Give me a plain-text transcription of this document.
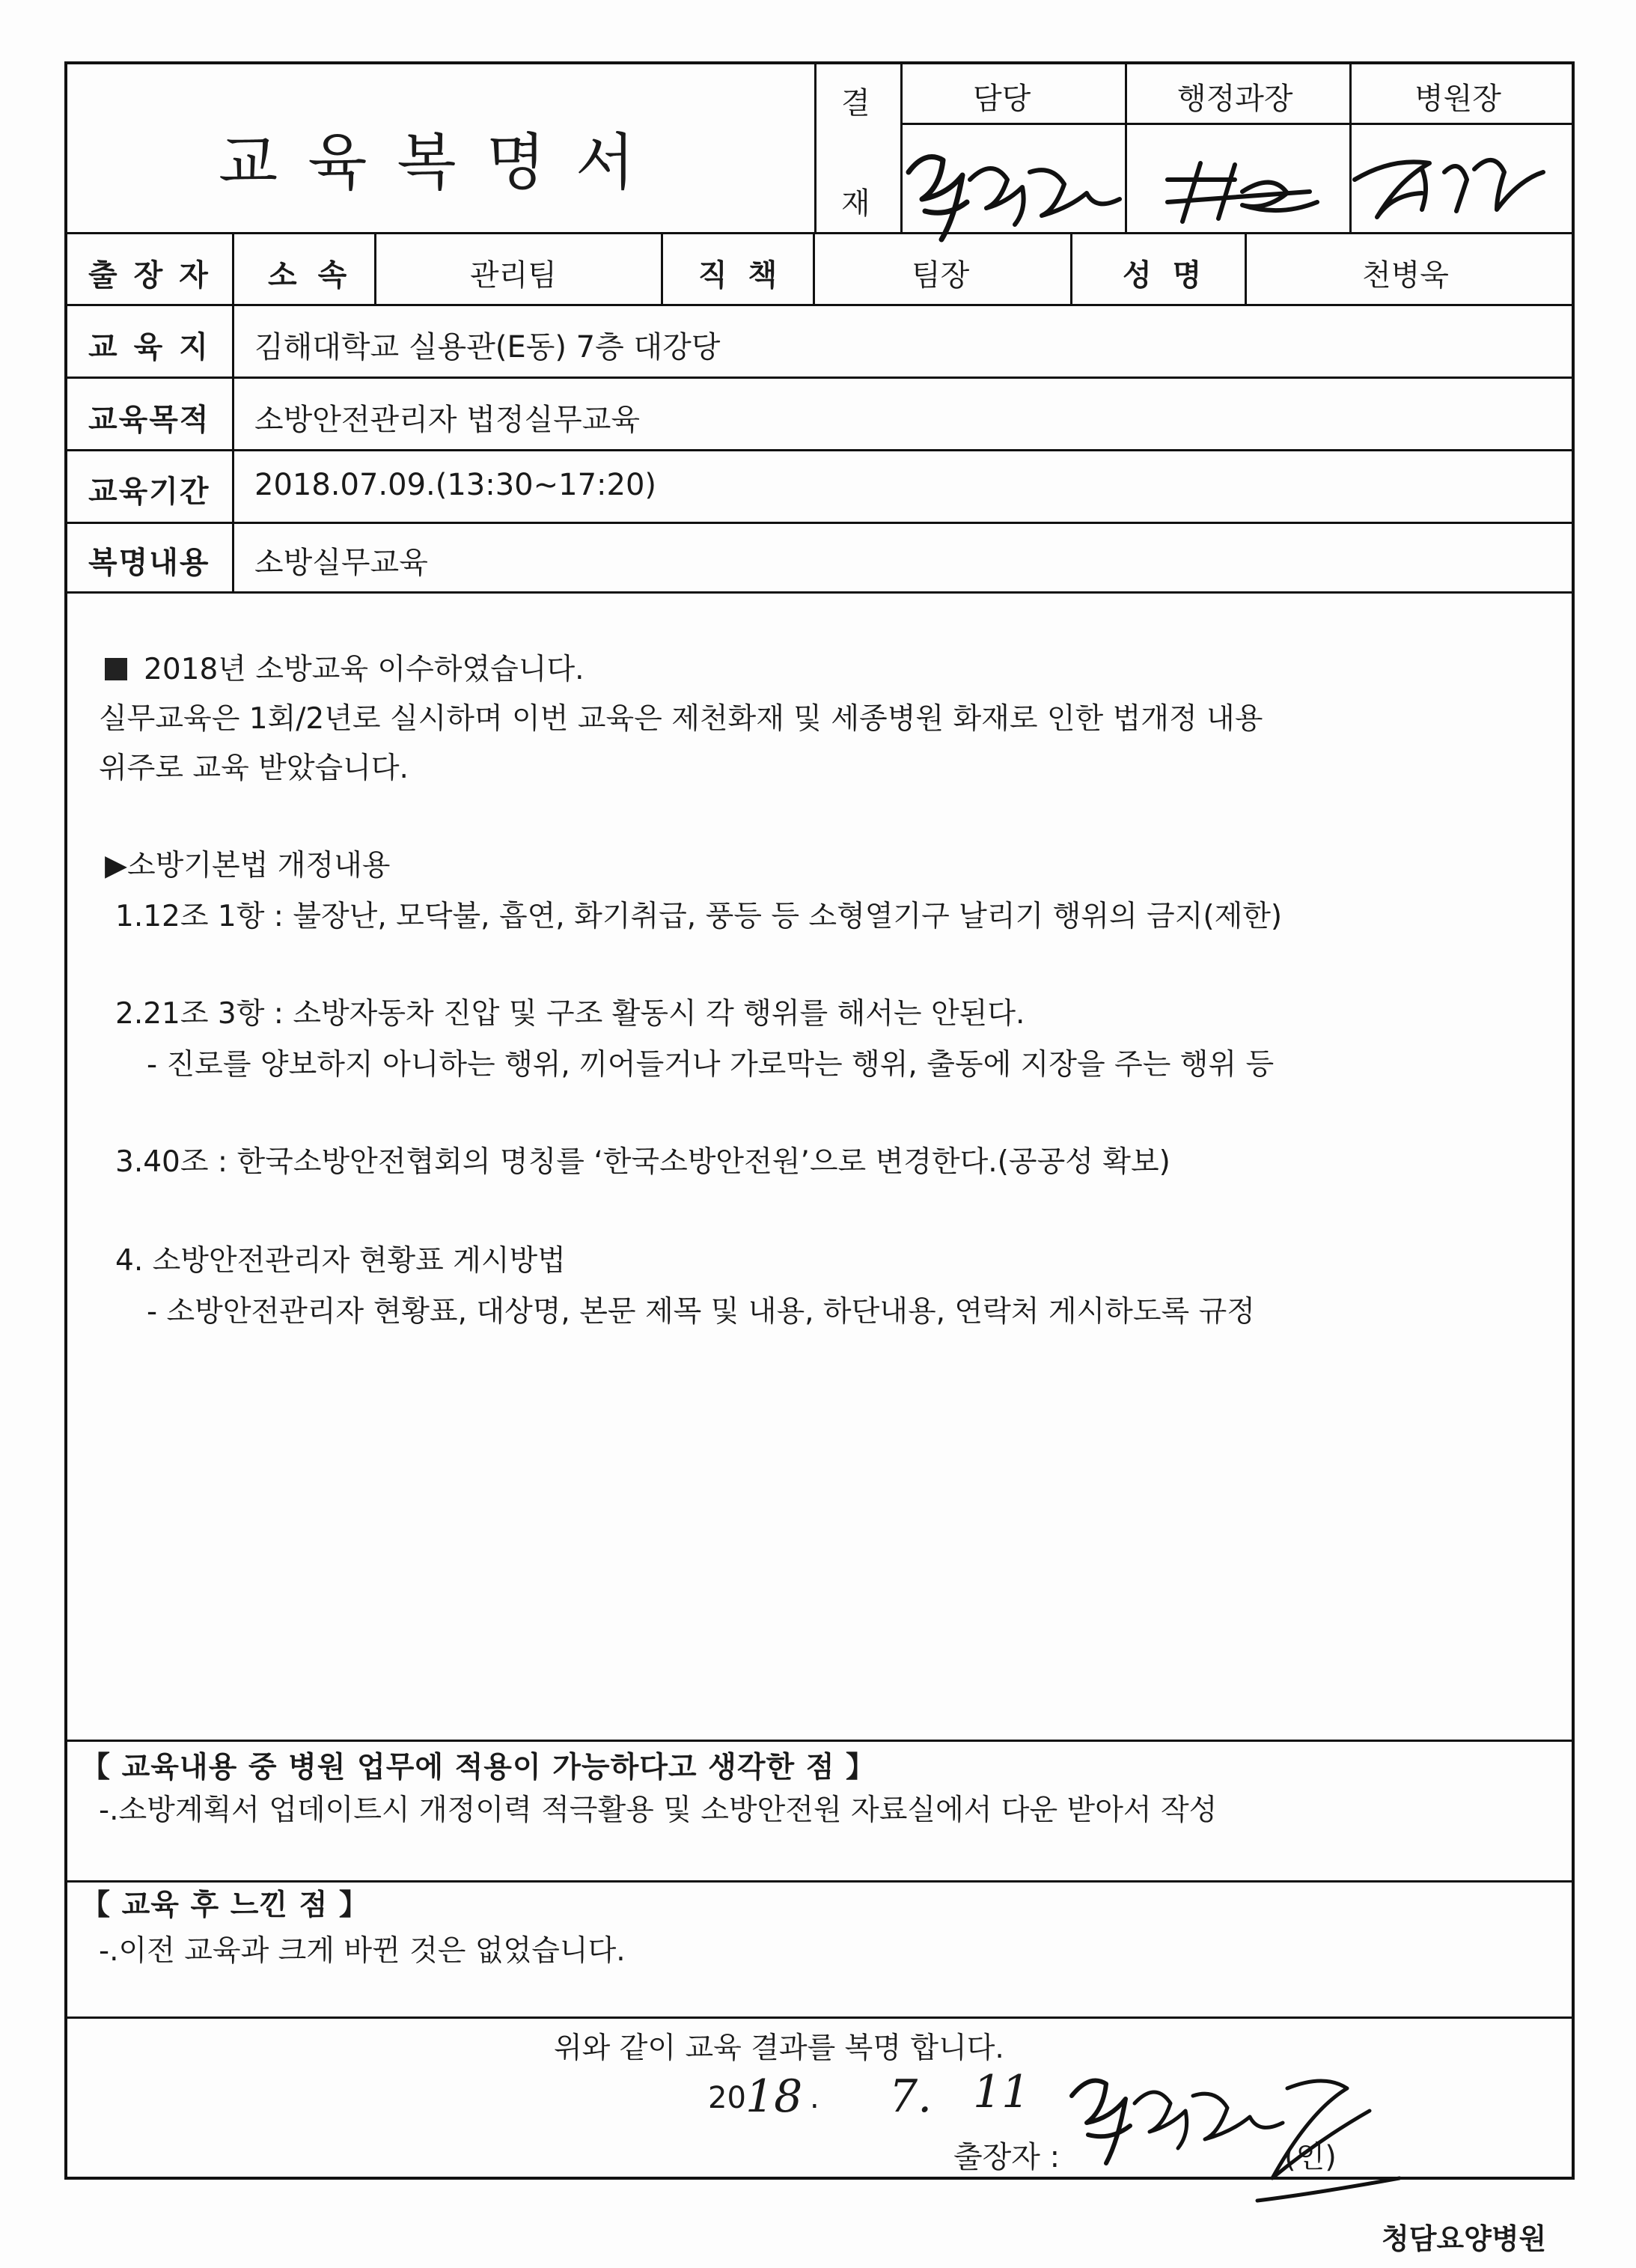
교육복명서
결
재
담당	행정과장	병원장
출장자 소속	관리팀	직책	팀장	성명	천병욱
교육지 김해대학교 실용관(E동) 7층 대강당
교육목적 소방안전관리자 법정실무교육
교육기간 2018.07.09.(13:30~17:20)
복명내용 소방실무교육
2018년 소방교육 이수하였습니다.
실무교육은 1회/2년로 실시하며 이번 교육은 제천화재 및 세종병원 화재로 인한 법개정 내용
위주로 교육 받았습니다.
▶소방기본법 개정내용
1.12조 1항 : 불장난, 모닥불, 흡연, 화기취급, 풍등 등 소형열기구 날리기 행위의 금지(제한)
2.21조 3항 : 소방자동차 진압 및 구조 활동시 각 행위를 해서는 안된다.
- 진로를 양보하지 아니하는 행위, 끼어들거나 가로막는 행위, 출동에 지장을 주는 행위 등
3.40조 : 한국소방안전협회의 명칭를 ‘한국소방안전원’으로 변경한다.(공공성 확보)
4. 소방안전관리자 현황표 게시방법
- 소방안전관리자 현황표, 대상명, 본문 제목 및 내용, 하단내용, 연락처 게시하도록 규정
【 교육내용 중 병원 업무에 적용이 가능하다고 생각한 점 】
-.소방계획서 업데이트시 개정이력 적극활용 및 소방안전원 자료실에서 다운 받아서 작성
【 교육 후 느낀 점 】
-.이전 교육과 크게 바뀐 것은 없었습니다.
위와 같이 교육 결과를 복명 합니다.
20 18 . 7. 11
출장자 :	(인)
청담요양병원
